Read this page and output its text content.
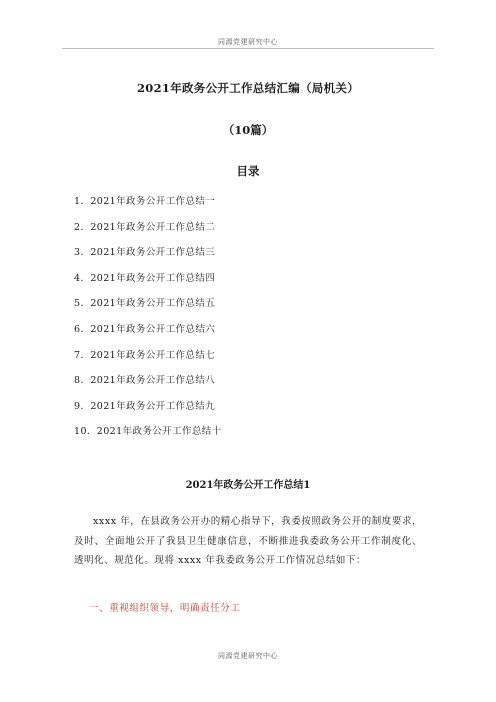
同源党建研究中心
2021年政务公开工作总结汇编（局机关）
（10篇）
目录
1．2021年政务公开工作总结一
2．2021年政务公开工作总结二
3．2021年政务公开工作总结三
4．2021年政务公开工作总结四
5．2021年政务公开工作总结五
6．2021年政务公开工作总结六
7．2021年政务公开工作总结七
8．2021年政务公开工作总结八
9．2021年政务公开工作总结九
10．2021年政务公开工作总结十
2021年政务公开工作总结1

xxxx 年，在县政务公开办的精心指导下，我委按照政务公开的制度要求，及时、全面地公开了我县卫生健康信息，不断推进我委政务公开工作制度化、透明化、规范化。现将 xxxx 年我委政务公开工作情况总结如下：

一、重视组织领导，明确责任分工
同源党建研究中心
